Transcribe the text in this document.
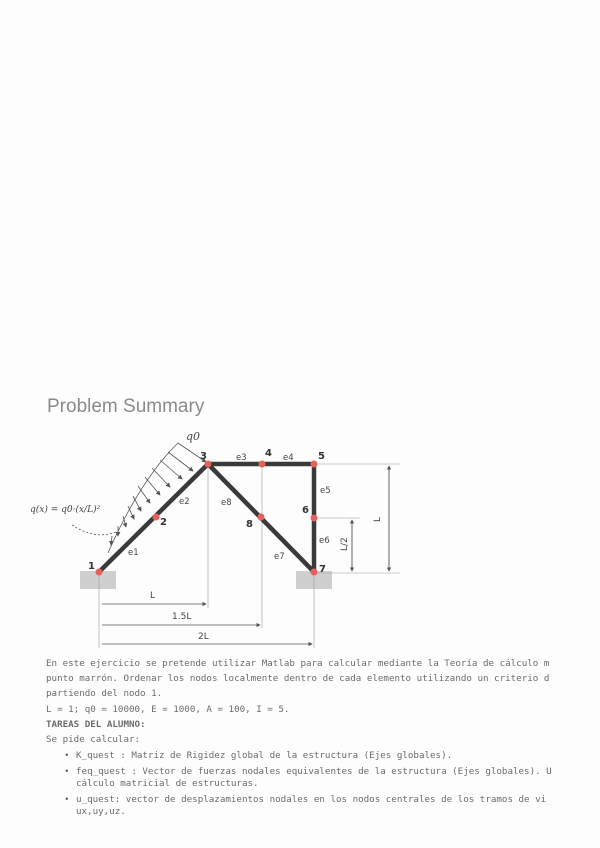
Problem Summary
q0
q(x) = q0·(x/L)²
L
1.5L
2L
L
L/2
1
2
3	4	5
6
7
8
e1
e2
e3	e4
e5
e6
e7
e8
En este ejercicio se pretende utilizar Matlab para calcular mediante la Teoría de cálculo m
punto marrón. Ordenar los nodos localmente dentro de cada elemento utilizando un criterio d
partiendo del nodo 1.
L = 1; q0 = 10000, E = 1000, A = 100, I = 5.
TAREAS DEL ALUMNO:
Se pide calcular:
• K_quest : Matriz de Rigidez global de la estructura (Ejes globales).
• feq_quest : Vector de fuerzas nodales equivalentes de la estructura (Ejes globales). U
cálculo matricial de estructuras.
• u_quest: vector de desplazamientos nodales en los nodos centrales de los tramos de vi
ux,uy,uz.
